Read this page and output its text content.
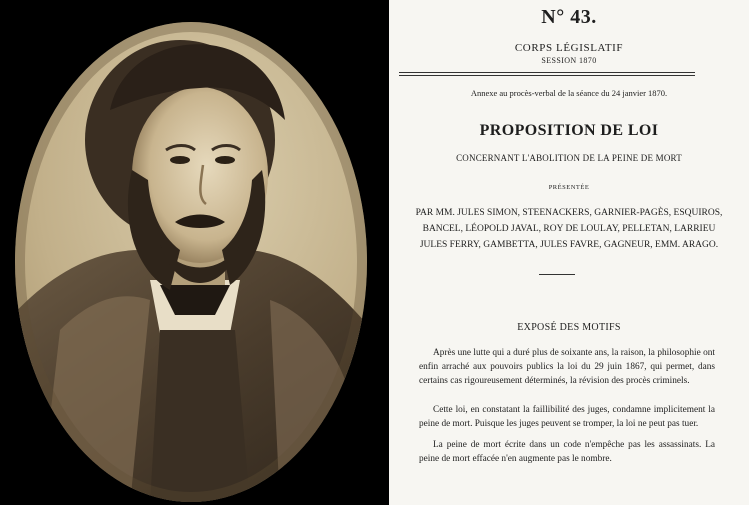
N° 43.
CORPS LÉGISLATIF
SESSION 1870
Annexe au procès-verbal de la séance du 24 janvier 1870.
PROPOSITION DE LOI
CONCERNANT L'ABOLITION DE LA PEINE DE MORT
PRÉSENTÉE
PAR MM. JULES SIMON, STEENACKERS, GARNIER-PAGÈS, ESQUIROS,
BANCEL, LÉOPOLD JAVAL, ROY DE LOULAY, PELLETAN, LARRIEU
JULES FERRY, GAMBETTA, JULES FAVRE, GAGNEUR, EMM. ARAGO.
EXPOSÉ DES MOTIFS

Après une lutte qui a duré plus de soixante ans, la raison, la philosophie ont enfin arraché aux pouvoirs publics la loi du 29 juin 1867, qui permet, dans certains cas rigoureusement déterminés, la révision des procès criminels.

Cette loi, en constatant la faillibilité des juges, condamne implicitement la peine de mort. Puisque les juges peuvent se tromper, la loi ne peut pas tuer.

La peine de mort écrite dans un code n'empêche pas les assassinats. La peine de mort effacée n'en augmente pas le nombre.
